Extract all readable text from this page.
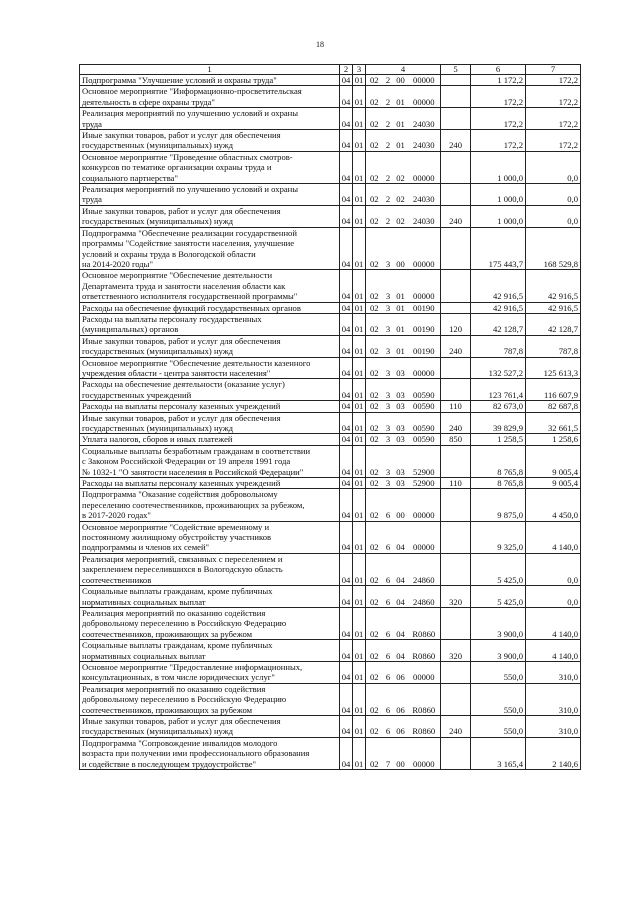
18
1	2	3	4				5	6	7
Подпрограмма "Улучшение условий и охраны труда"	04	01	02	2	00	00000		1 172,2	172,2
Основное мероприятие "Информационно-просветительская
деятельность в сфере охраны труда"	04	01	02	2	01	00000		172,2	172,2
Реализация мероприятий по улучшению условий и охраны
труда	04	01	02	2	01	24030		172,2	172,2
Иные закупки товаров, работ и услуг для обеспечения
государственных (муниципальных) нужд	04	01	02	2	01	24030	240	172,2	172,2
Основное мероприятие "Проведение областных смотров-
конкурсов по тематике организации охраны труда и
социального партнерства"	04	01	02	2	02	00000		1 000,0	0,0
Реализация мероприятий по улучшению условий и охраны
труда	04	01	02	2	02	24030		1 000,0	0,0
Иные закупки товаров, работ и услуг для обеспечения
государственных (муниципальных) нужд	04	01	02	2	02	24030	240	1 000,0	0,0
Подпрограмма "Обеспечение реализации государственной
программы "Содействие занятости населения, улучшение
условий и охраны труда в Вологодской области
на 2014-2020 годы"	04	01	02	3	00	00000		175 443,7	168 529,8
Основное мероприятие "Обеспечение деятельности
Департамента труда и занятости населения области как
ответственного исполнителя государственной программы"	04	01	02	3	01	00000		42 916,5	42 916,5
Расходы на обеспечение функций государственных органов	04	01	02	3	01	00190		42 916,5	42 916,5
Расходы на выплаты персоналу государственных
(муниципальных) органов	04	01	02	3	01	00190	120	42 128,7	42 128,7
Иные закупки товаров, работ и услуг для обеспечения
государственных (муниципальных) нужд	04	01	02	3	01	00190	240	787,8	787,8
Основное мероприятие "Обеспечение деятельности казенного
учреждения области - центра занятости населения"	04	01	02	3	03	00000		132 527,2	125 613,3
Расходы на обеспечение деятельности (оказание услуг)
государственных учреждений	04	01	02	3	03	00590		123 761,4	116 607,9
Расходы на выплаты персоналу казенных учреждений	04	01	02	3	03	00590	110	82 673,0	82 687,8
Иные закупки товаров, работ и услуг для обеспечения
государственных (муниципальных) нужд	04	01	02	3	03	00590	240	39 829,9	32 661,5
Уплата налогов, сборов и иных платежей	04	01	02	3	03	00590	850	1 258,5	1 258,6
Социальные выплаты безработным гражданам в соответствии
с Законом Российской Федерации от 19 апреля 1991 года
№ 1032-1 "О занятости населения в Российской Федерации"	04	01	02	3	03	52900		8 765,8	9 005,4
Расходы на выплаты персоналу казенных учреждений	04	01	02	3	03	52900	110	8 765,8	9 005,4
Подпрограмма "Оказание содействия добровольному
переселению соотечественников, проживающих за рубежом,
в 2017-2020 годах"	04	01	02	6	00	00000		9 875,0	4 450,0
Основное мероприятие "Содействие временному и
постоянному жилищному обустройству участников
подпрограммы и членов их семей"	04	01	02	6	04	00000		9 325,0	4 140,0
Реализация мероприятий, связанных с переселением и
закреплением переселившихся в Вологодскую область
соотечественников	04	01	02	6	04	24860		5 425,0	0,0
Социальные выплаты гражданам, кроме публичных
нормативных социальных выплат	04	01	02	6	04	24860	320	5 425,0	0,0
Реализация мероприятий по оказанию содействия
добровольному переселению в Российскую Федерацию
соотечественников, проживающих за рубежом	04	01	02	6	04	R0860		3 900,0	4 140,0
Социальные выплаты гражданам, кроме публичных
нормативных социальных выплат	04	01	02	6	04	R0860	320	3 900,0	4 140,0
Основное мероприятие "Предоставление информационных,
консультационных, в том числе юридических услуг"	04	01	02	6	06	00000		550,0	310,0
Реализация мероприятий по оказанию содействия
добровольному переселению в Российскую Федерацию
соотечественников, проживающих за рубежом	04	01	02	6	06	R0860		550,0	310,0
Иные закупки товаров, работ и услуг для обеспечения
государственных (муниципальных) нужд	04	01	02	6	06	R0860	240	550,0	310,0
Подпрограмма "Сопровождение инвалидов молодого
возраста при получении ими профессионального образования
и содействие в последующем трудоустройстве"	04	01	02	7	00	00000		3 165,4	2 140,6
